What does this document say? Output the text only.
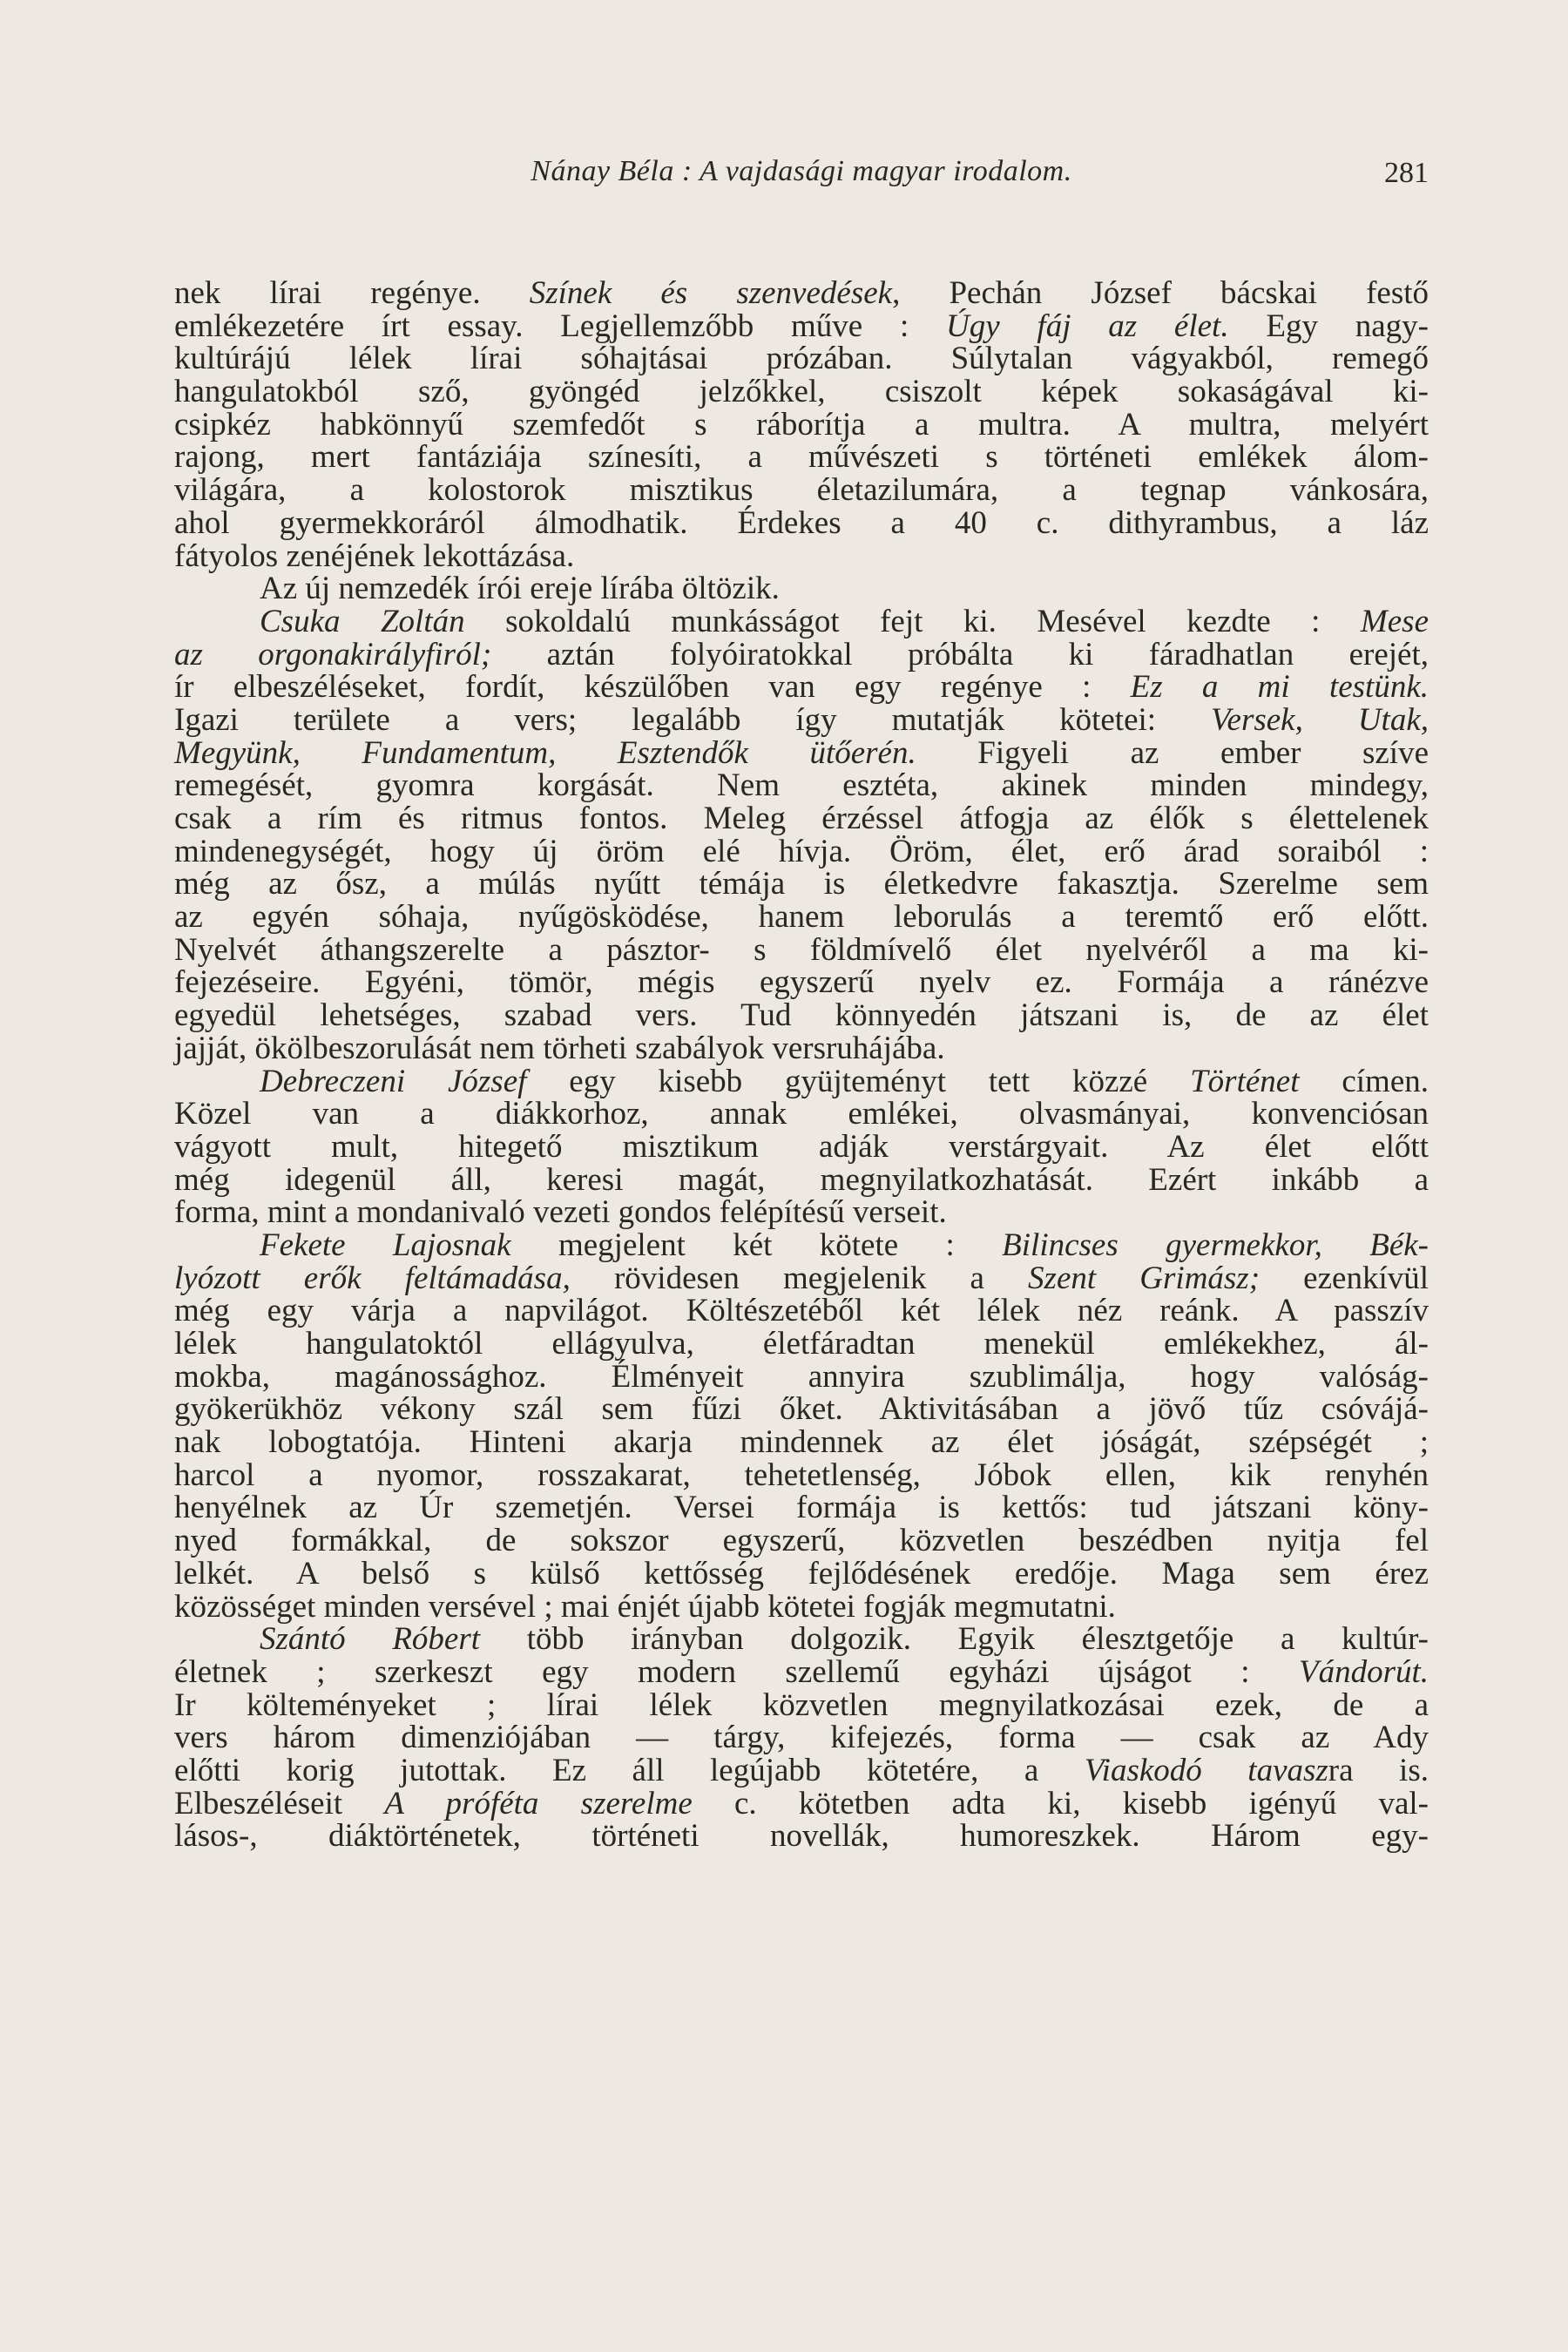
Nánay Béla : A vajdasági magyar irodalom.	281
nek lírai regénye. Színek és szenvedések, Pechán József bácskai festő
emlékezetére írt essay. Legjellemzőbb műve : Úgy fáj az élet. Egy nagy-
kultúrájú lélek lírai sóhajtásai prózában. Súlytalan vágyakból, remegő
hangulatokból sző, gyöngéd jelzőkkel, csiszolt képek sokaságával ki-
csipkéz habkönnyű szemfedőt s ráborítja a multra. A multra, melyért
rajong, mert fantáziája színesíti, a művészeti s történeti emlékek álom-
világára, a kolostorok misztikus életazilumára, a tegnap vánkosára,
ahol gyermekkoráról álmodhatik. Érdekes a 40 c. dithyrambus, a láz
fátyolos zenéjének lekottázása.
Az új nemzedék írói ereje lírába öltözik.
Csuka Zoltán sokoldalú munkásságot fejt ki. Mesével kezdte : Mese
az orgonakirályfiról; aztán folyóiratokkal próbálta ki fáradhatlan erejét,
ír elbeszéléseket, fordít, készülőben van egy regénye : Ez a mi testünk.
Igazi területe a vers; legalább így mutatják kötetei: Versek, Utak,
Megyünk, Fundamentum, Esztendők ütőerén. Figyeli az ember szíve
remegését, gyomra korgását. Nem esztéta, akinek minden mindegy,
csak a rím és ritmus fontos. Meleg érzéssel átfogja az élők s élettelenek
mindenegységét, hogy új öröm elé hívja. Öröm, élet, erő árad soraiból :
még az ősz, a múlás nyűtt témája is életkedvre fakasztja. Szerelme sem
az egyén sóhaja, nyűgösködése, hanem leborulás a teremtő erő előtt.
Nyelvét áthangszerelte a pásztor- s földmívelő élet nyelvéről a ma ki-
fejezéseire. Egyéni, tömör, mégis egyszerű nyelv ez. Formája a ránézve
egyedül lehetséges, szabad vers. Tud könnyedén játszani is, de az élet
jajját, ökölbeszorulását nem törheti szabályok versruhájába.
Debreczeni József egy kisebb gyüjteményt tett közzé Történet címen.
Közel van a diákkorhoz, annak emlékei, olvasmányai, konvenciósan
vágyott mult, hitegető misztikum adják verstárgyait. Az élet előtt
még idegenül áll, keresi magát, megnyilatkozhatását. Ezért inkább a
forma, mint a mondanivaló vezeti gondos felépítésű verseit.
Fekete Lajosnak megjelent két kötete : Bilincses gyermekkor, Bék-
lyózott erők feltámadása, rövidesen megjelenik a Szent Grimász; ezenkívül
még egy várja a napvilágot. Költészetéből két lélek néz reánk. A passzív
lélek hangulatoktól ellágyulva, életfáradtan menekül emlékekhez, ál-
mokba, magánossághoz. Élményeit annyira szublimálja, hogy valóság-
gyökerükhöz vékony szál sem fűzi őket. Aktivitásában a jövő tűz csóvájá-
nak lobogtatója. Hinteni akarja mindennek az élet jóságát, szépségét ;
harcol a nyomor, rosszakarat, tehetetlenség, Jóbok ellen, kik renyhén
henyélnek az Úr szemetjén. Versei formája is kettős: tud játszani köny-
nyed formákkal, de sokszor egyszerű, közvetlen beszédben nyitja fel
lelkét. A belső s külső kettősség fejlődésének eredője. Maga sem érez
közösséget minden versével ; mai énjét újabb kötetei fogják megmutatni.
Szántó Róbert több irányban dolgozik. Egyik élesztgetője a kultúr-
életnek ; szerkeszt egy modern szellemű egyházi újságot : Vándorút.
Ir költeményeket ; lírai lélek közvetlen megnyilatkozásai ezek, de a
vers három dimenziójában — tárgy, kifejezés, forma — csak az Ady
előtti korig jutottak. Ez áll legújabb kötetére, a Viaskodó tavaszra is.
Elbeszéléseit A próféta szerelme c. kötetben adta ki, kisebb igényű val-
lásos-, diáktörténetek, történeti novellák, humoreszkek. Három egy-
